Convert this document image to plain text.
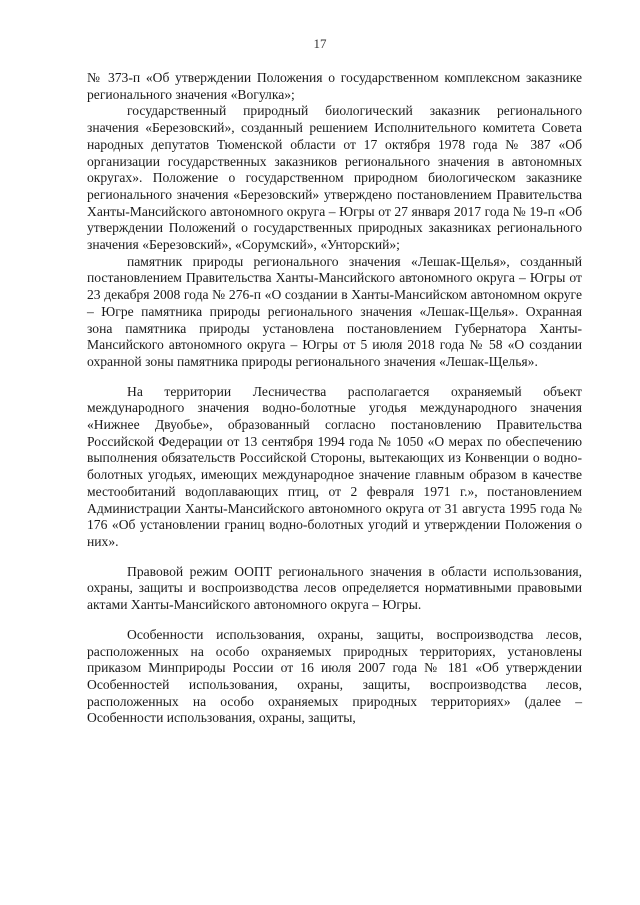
17

№ 373-п «Об утверждении Положения о государственном комплексном заказнике регионального значения «Вогулка»;

государственный природный биологический заказник регионального значения «Березовский», созданный решением Исполнительного комитета Совета народных депутатов Тюменской области от 17 октября 1978 года № 387 «Об организации государственных заказников регионального значения в автономных округах». Положение о государственном природном биологическом заказнике регионального значения «Березовский» утверждено постановлением Правительства Ханты-Мансийского автономного округа – Югры от 27 января 2017 года № 19-п «Об утверждении Положений о государственных природных заказниках регионального значения «Березовский», «Сорумский», «Унторский»;

памятник природы регионального значения «Лешак-Щелья», созданный постановлением Правительства Ханты-Мансийского автономного округа – Югры от 23 декабря 2008 года № 276-п «О создании в Ханты-Мансийском автономном округе – Югре памятника природы регионального значения «Лешак-Щелья». Охранная зона памятника природы установлена постановлением Губернатора Ханты-Мансийского автономного округа – Югры от 5 июля 2018 года № 58 «О создании охранной зоны памятника природы регионального значения «Лешак-Щелья».

На территории Лесничества располагается охраняемый объект международного значения водно-болотные угодья международного значения «Нижнее Двуобье», образованный согласно постановлению Правительства Российской Федерации от 13 сентября 1994 года № 1050 «О мерах по обеспечению выполнения обязательств Российской Стороны, вытекающих из Конвенции о водно-болотных угодьях, имеющих международное значение главным образом в качестве местообитаний водоплавающих птиц, от 2 февраля 1971 г.», постановлением Администрации Ханты-Мансийского автономного округа от 31 августа 1995 года № 176 «Об установлении границ водно-болотных угодий и утверждении Положения о них».

Правовой режим ООПТ регионального значения в области использования, охраны, защиты и воспроизводства лесов определяется нормативными правовыми актами Ханты-Мансийского автономного округа – Югры.

Особенности использования, охраны, защиты, воспроизводства лесов, расположенных на особо охраняемых природных территориях, установлены приказом Минприроды России от 16 июля 2007 года № 181 «Об утверждении Особенностей использования, охраны, защиты, воспроизводства лесов, расположенных на особо охраняемых природных территориях» (далее – Особенности использования, охраны, защиты,
